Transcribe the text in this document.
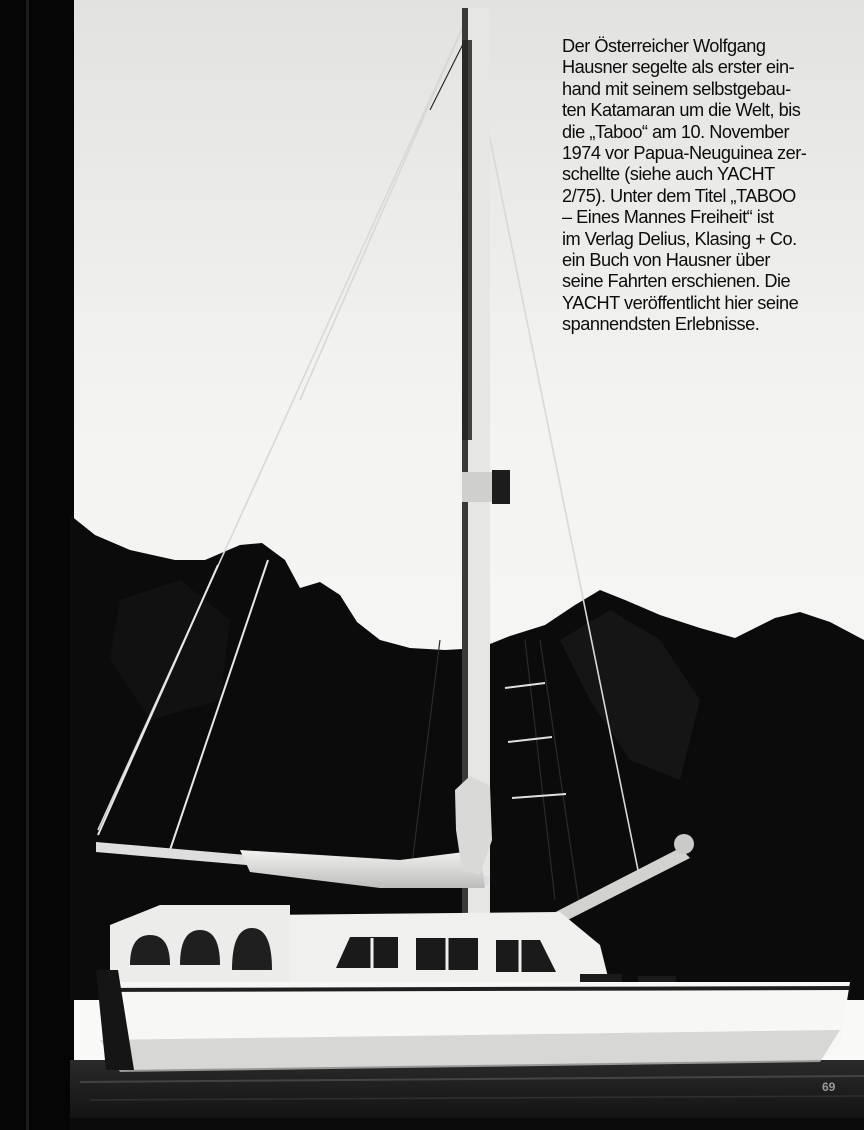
Der Österreicher Wolfgang

Hausner segelte als erster ein-

hand mit seinem selbstgebau-

ten Katamaran um die Welt, bis

die „Taboo“ am 10. November

1974 vor Papua-Neuguinea zer-

schellte (siehe auch YACHT

2/75). Unter dem Titel „TABOO

– Eines Mannes Freiheit“ ist

im Verlag Delius, Klasing + Co.

ein Buch von Hausner über

seine Fahrten erschienen. Die

YACHT veröffentlicht hier seine

spannendsten Erlebnisse.

69
